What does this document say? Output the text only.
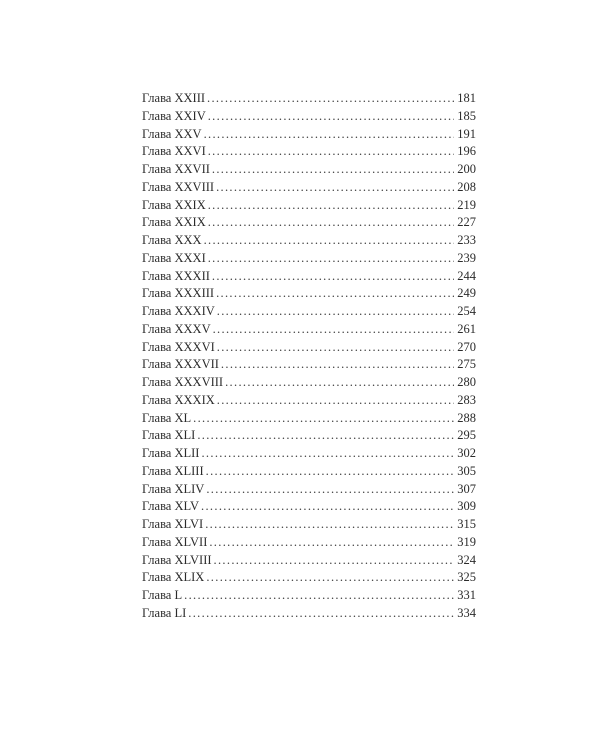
Глава XXIII . . .	181
Глава XXIV . . .	185
Глава XXV . . .	191
Глава XXVI . . .	196
Глава XXVII . . .	200
Глава XXVIII . . .	208
Глава XXIX . . .	219
Глава XXIX . . .	227
Глава XXX . . .	233
Глава XXXI . . .	239
Глава XXXII . . .	244
Глава XXXIII . . .	249
Глава XXXIV . . .	254
Глава XXXV . . .	261
Глава XXXVI . . .	270
Глава XXXVII . . .	275
Глава XXXVIII . . .	280
Глава XXXIX . . .	283
Глава XL . . .	288
Глава XLI . . .	295
Глава XLII . . .	302
Глава XLIII . . .	305
Глава XLIV . . .	307
Глава XLV . . .	309
Глава XLVI . . .	315
Глава XLVII . . .	319
Глава XLVIII . . .	324
Глава XLIX . . .	325
Глава L . . .	331
Глава LI . . .	334
